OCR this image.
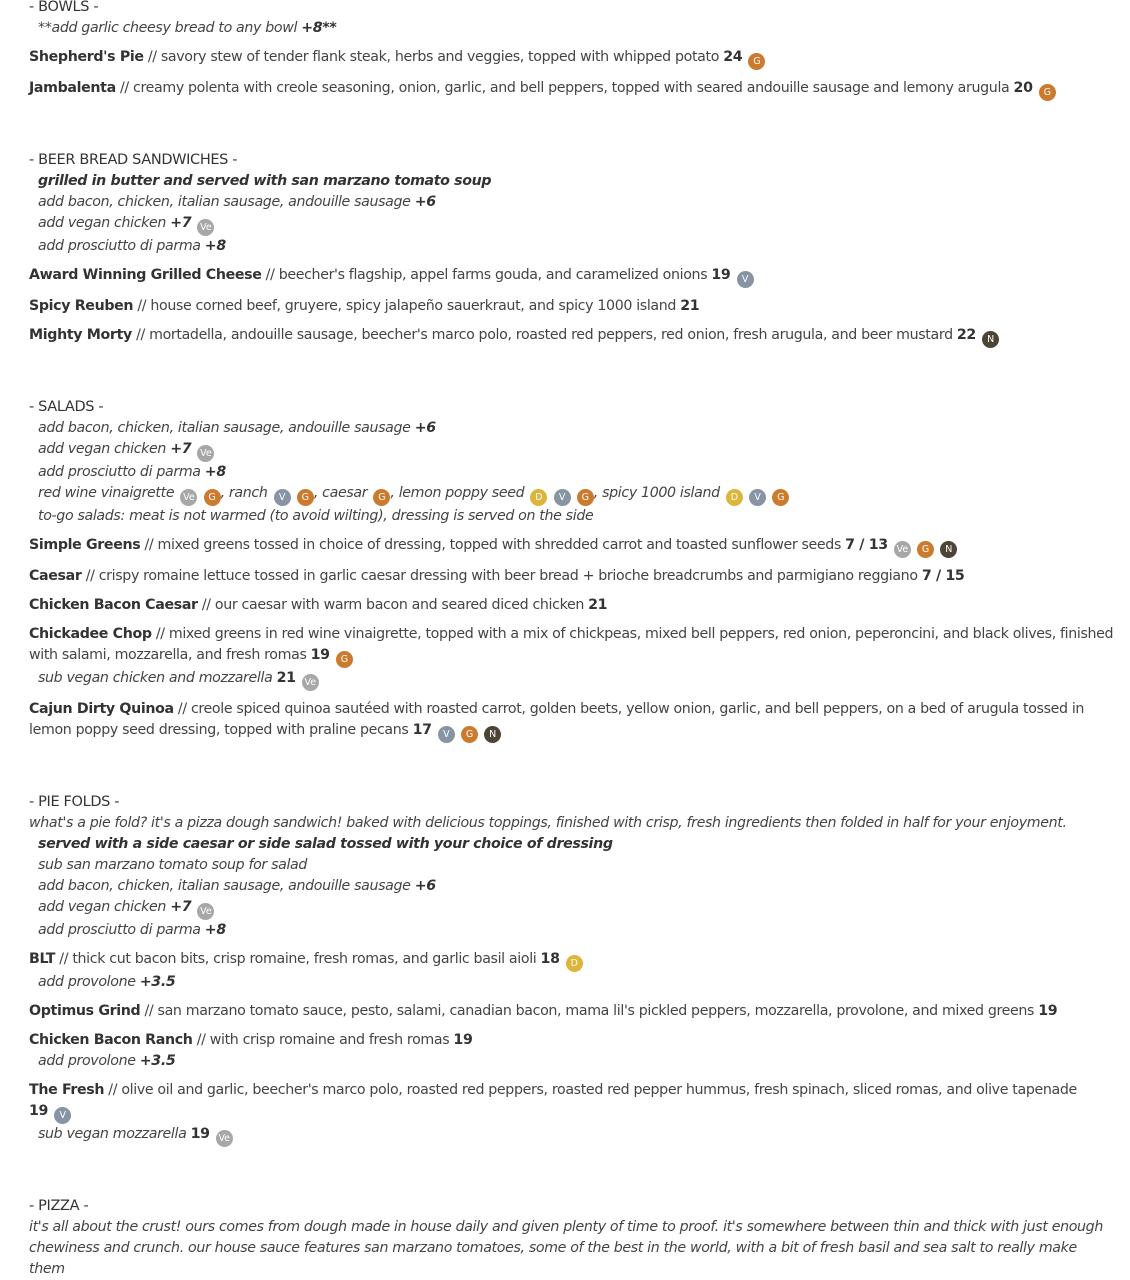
- BOWLS -
**add garlic cheesy bread to any bowl +8**
Shepherd's Pie // savory stew of tender flank steak, herbs and veggies, topped with whipped potato 24 G
Jambalenta // creamy polenta with creole seasoning, onion, garlic, and bell peppers, topped with seared andouille sausage and lemony arugula 20 G
- BEER BREAD SANDWICHES -
grilled in butter and served with san marzano tomato soup
add bacon, chicken, italian sausage, andouille sausage +6
add vegan chicken +7 Ve
add prosciutto di parma +8
Award Winning Grilled Cheese // beecher's flagship, appel farms gouda, and caramelized onions 19 V
Spicy Reuben // house corned beef, gruyere, spicy jalapeño sauerkraut, and spicy 1000 island 21
Mighty Morty // mortadella, andouille sausage, beecher's marco polo, roasted red peppers, red onion, fresh arugula, and beer mustard 22 N
- SALADS -
add bacon, chicken, italian sausage, andouille sausage +6
add vegan chicken +7 Ve
add prosciutto di parma +8
red wine vinaigrette Ve G , ranch V G , caesar G , lemon poppy seed D V G , spicy 1000 island D V G
to-go salads: meat is not warmed (to avoid wilting), dressing is served on the side
Simple Greens // mixed greens tossed in choice of dressing, topped with shredded carrot and toasted sunflower seeds 7 / 13 Ve G N
Caesar // crispy romaine lettuce tossed in garlic caesar dressing with beer bread + brioche breadcrumbs and parmigiano reggiano 7 / 15
Chicken Bacon Caesar // our caesar with warm bacon and seared diced chicken 21
Chickadee Chop // mixed greens in red wine vinaigrette, topped with a mix of chickpeas, mixed bell peppers, red onion, peperoncini, and black olives, finished with salami, mozzarella, and fresh romas 19 G
sub vegan chicken and mozzarella 21 Ve
Cajun Dirty Quinoa // creole spiced quinoa sautéed with roasted carrot, golden beets, yellow onion, garlic, and bell peppers, on a bed of arugula tossed in lemon poppy seed dressing, topped with praline pecans 17 V G N
- PIE FOLDS -
what's a pie fold? it's a pizza dough sandwich! baked with delicious toppings, finished with crisp, fresh ingredients then folded in half for your enjoyment.
served with a side caesar or side salad tossed with your choice of dressing
sub san marzano tomato soup for salad
add bacon, chicken, italian sausage, andouille sausage +6
add vegan chicken +7 Ve
add prosciutto di parma +8
BLT // thick cut bacon bits, crisp romaine, fresh romas, and garlic basil aioli 18 D
add provolone +3.5
Optimus Grind // san marzano tomato sauce, pesto, salami, canadian bacon, mama lil's pickled peppers, mozzarella, provolone, and mixed greens 19
Chicken Bacon Ranch // with crisp romaine and fresh romas 19
add provolone +3.5
The Fresh // olive oil and garlic, beecher's marco polo, roasted red peppers, roasted red pepper hummus, fresh spinach, sliced romas, and olive tapenade 19 V
sub vegan mozzarella 19 Ve
- PIZZA -
it's all about the crust! ours comes from dough made in house daily and given plenty of time to proof. it's somewhere between thin and thick with just enough chewiness and crunch. our house sauce features san marzano tomatoes, some of the best in the world, with a bit of fresh basil and sea salt to really make them
